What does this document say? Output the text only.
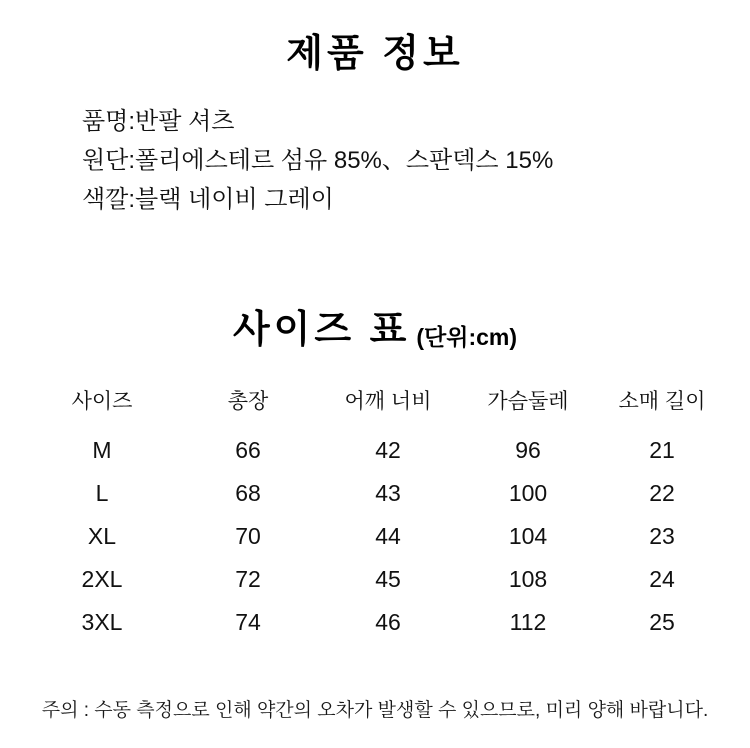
제품 정보
품명:반팔 셔츠
원단:폴리에스테르 섬유 85%、스판덱스 15%
색깔:블랙 네이비 그레이
사이즈 표 (단위:cm)
사이즈	총장	어깨 너비	가슴둘레	소매 길이
M	66	42	96	21
L	68	43	100	22
XL	70	44	104	23
2XL	72	45	108	24
3XL	74	46	112	25
주의 : 수동 측정으로 인해 약간의 오차가 발생할 수 있으므로, 미리 양해 바랍니다.
